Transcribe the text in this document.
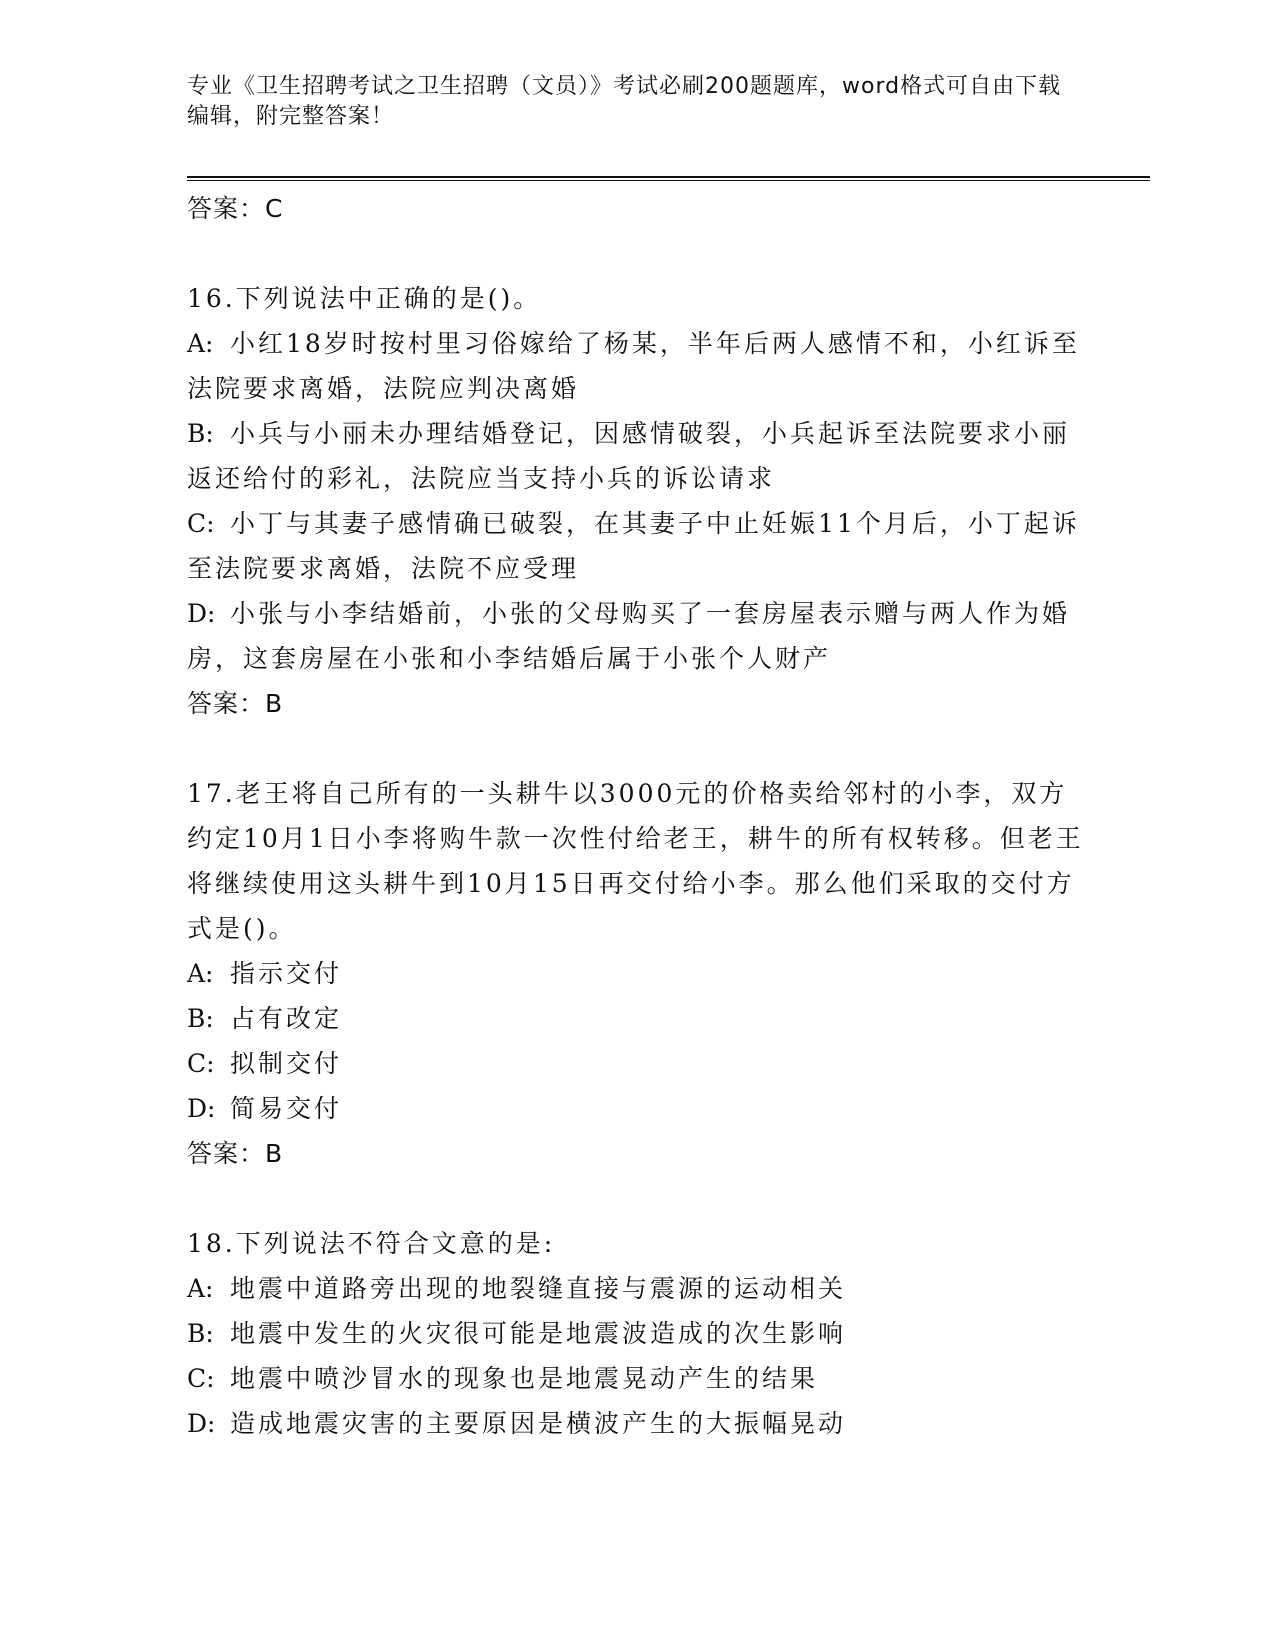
专业《卫生招聘考试之卫生招聘（文员）》考试必刷200题题库，word格式可自由下载编辑，附完整答案！
答案：C
16.下列说法中正确的是()。
A: 小红18岁时按村里习俗嫁给了杨某，半年后两人感情不和，小红诉至法院要求离婚，法院应判决离婚
B: 小兵与小丽未办理结婚登记，因感情破裂，小兵起诉至法院要求小丽返还给付的彩礼，法院应当支持小兵的诉讼请求
C: 小丁与其妻子感情确已破裂，在其妻子中止妊娠11个月后，小丁起诉至法院要求离婚，法院不应受理
D: 小张与小李结婚前，小张的父母购买了一套房屋表示赠与两人作为婚房，这套房屋在小张和小李结婚后属于小张个人财产
答案：B
17.老王将自己所有的一头耕牛以3000元的价格卖给邻村的小李，双方约定10月1日小李将购牛款一次性付给老王，耕牛的所有权转移。但老王将继续使用这头耕牛到10月15日再交付给小李。那么他们采取的交付方式是()。
A: 指示交付
B: 占有改定
C: 拟制交付
D: 简易交付
答案：B
18.下列说法不符合文意的是:
A: 地震中道路旁出现的地裂缝直接与震源的运动相关
B: 地震中发生的火灾很可能是地震波造成的次生影响
C: 地震中喷沙冒水的现象也是地震晃动产生的结果
D: 造成地震灾害的主要原因是横波产生的大振幅晃动
